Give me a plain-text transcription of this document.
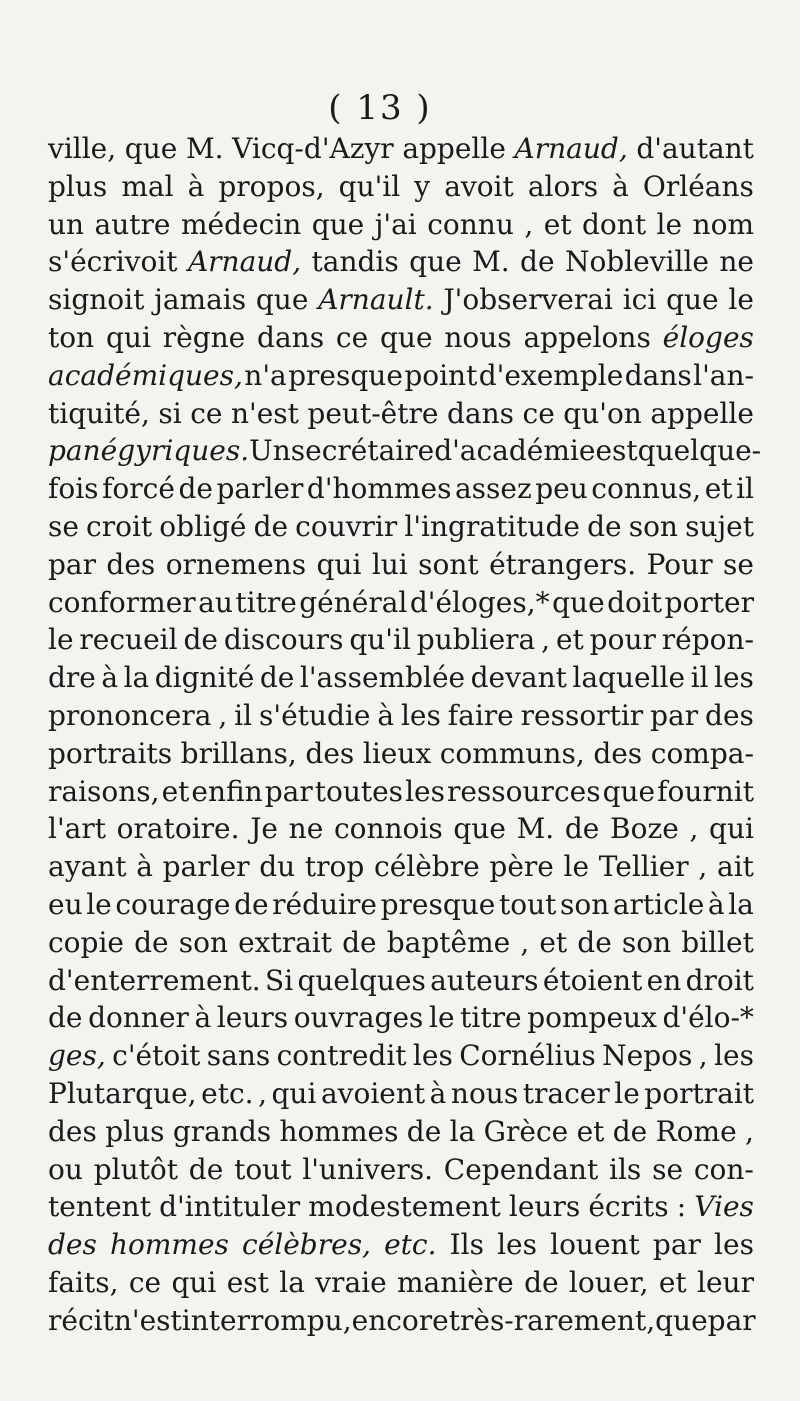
( 13 )
ville, que M. Vicq-d'Azyr appelle Arnaud, d'autant
plus mal à propos, qu'il y avoit alors à Orléans
un autre médecin que j'ai connu , et dont le nom
s'écrivoit Arnaud, tandis que M. de Nobleville ne
signoit jamais que Arnault. J'observerai ici que le
ton qui règne dans ce que nous appelons éloges
académiques, n'a presque point d'exemple dans l'an-
tiquité, si ce n'est peut-être dans ce qu'on appelle
panégyriques. Un secrétaire d'académie est quelque-
fois forcé de parler d'hommes assez peu connus, et il
se croit obligé de couvrir l'ingratitude de son sujet
par des ornemens qui lui sont étrangers. Pour se
conformer au titre général d'éloges,* que doit porter
le recueil de discours qu'il publiera , et pour répon-
dre à la dignité de l'assemblée devant laquelle il les
prononcera , il s'étudie à les faire ressortir par des
portraits brillans, des lieux communs, des compa-
raisons, et enfin par toutes les ressources que fournit
l'art oratoire. Je ne connois que M. de Boze , qui
ayant à parler du trop célèbre père le Tellier , ait
eu le courage de réduire presque tout son article à la
copie de son extrait de baptême , et de son billet
d'enterrement. Si quelques auteurs étoient en droit
de donner à leurs ouvrages le titre pompeux d'élo-*
ges, c'étoit sans contredit les Cornélius Nepos , les
Plutarque, etc. , qui avoient à nous tracer le portrait
des plus grands hommes de la Grèce et de Rome ,
ou plutôt de tout l'univers. Cependant ils se con-
tentent d'intituler modestement leurs écrits : Vies
des hommes célèbres, etc. Ils les louent par les
faits, ce qui est la vraie manière de louer, et leur
récit n'est interrompu, encore très-rarement, que par
